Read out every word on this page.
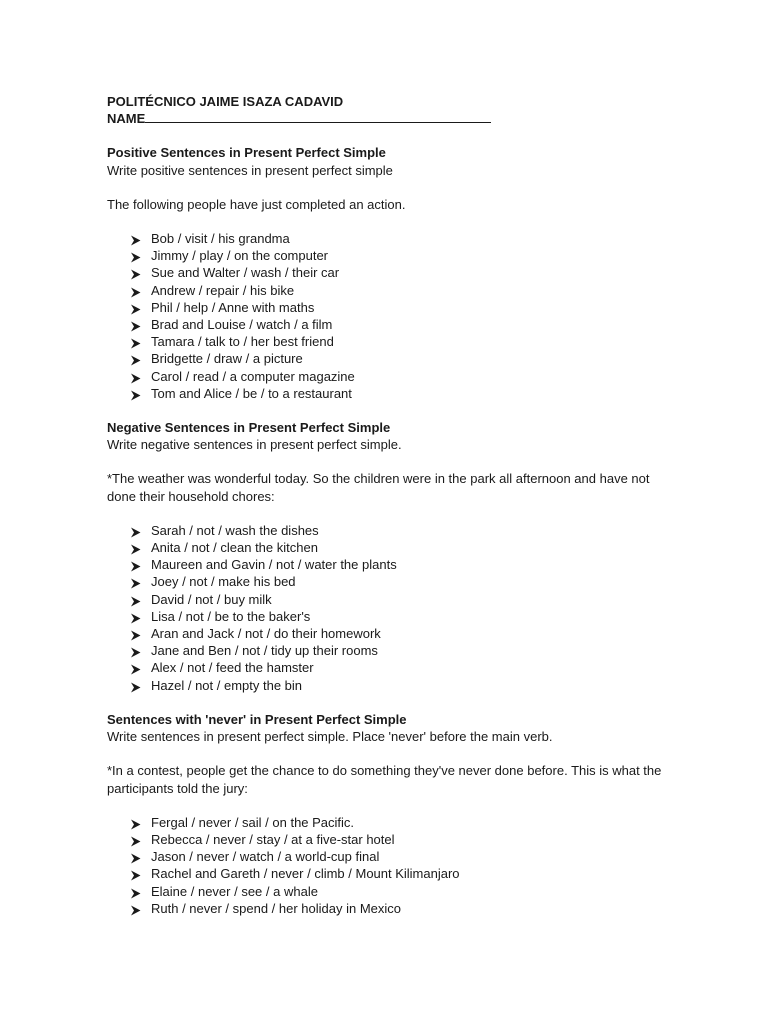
POLITÉCNICO JAIME ISAZA CADAVID
NAME
Positive Sentences in Present Perfect Simple
Write positive sentences in present perfect simple
The following people have just completed an action.
Bob / visit / his grandma
Jimmy / play / on the computer
Sue and Walter / wash / their car
Andrew / repair / his bike
Phil / help / Anne with maths
Brad and Louise / watch / a film
Tamara / talk to / her best friend
Bridgette / draw / a picture
Carol / read / a computer magazine
Tom and Alice / be / to a restaurant
Negative Sentences in Present Perfect Simple
Write negative sentences in present perfect simple.
*The weather was wonderful today. So the children were in the park all afternoon and have not
done their household chores:
Sarah / not / wash the dishes
Anita / not / clean the kitchen
Maureen and Gavin / not / water the plants
Joey / not / make his bed
David / not / buy milk
Lisa / not / be to the baker's
Aran and Jack / not / do their homework
Jane and Ben / not / tidy up their rooms
Alex / not / feed the hamster
Hazel / not / empty the bin
Sentences with 'never' in Present Perfect Simple
Write sentences in present perfect simple. Place 'never' before the main verb.
*In a contest, people get the chance to do something they've never done before. This is what the
participants told the jury:
Fergal / never / sail / on the Pacific.
Rebecca / never / stay / at a five-star hotel
Jason / never / watch / a world-cup final
Rachel and Gareth / never / climb / Mount Kilimanjaro
Elaine / never / see / a whale
Ruth / never / spend / her holiday in Mexico
